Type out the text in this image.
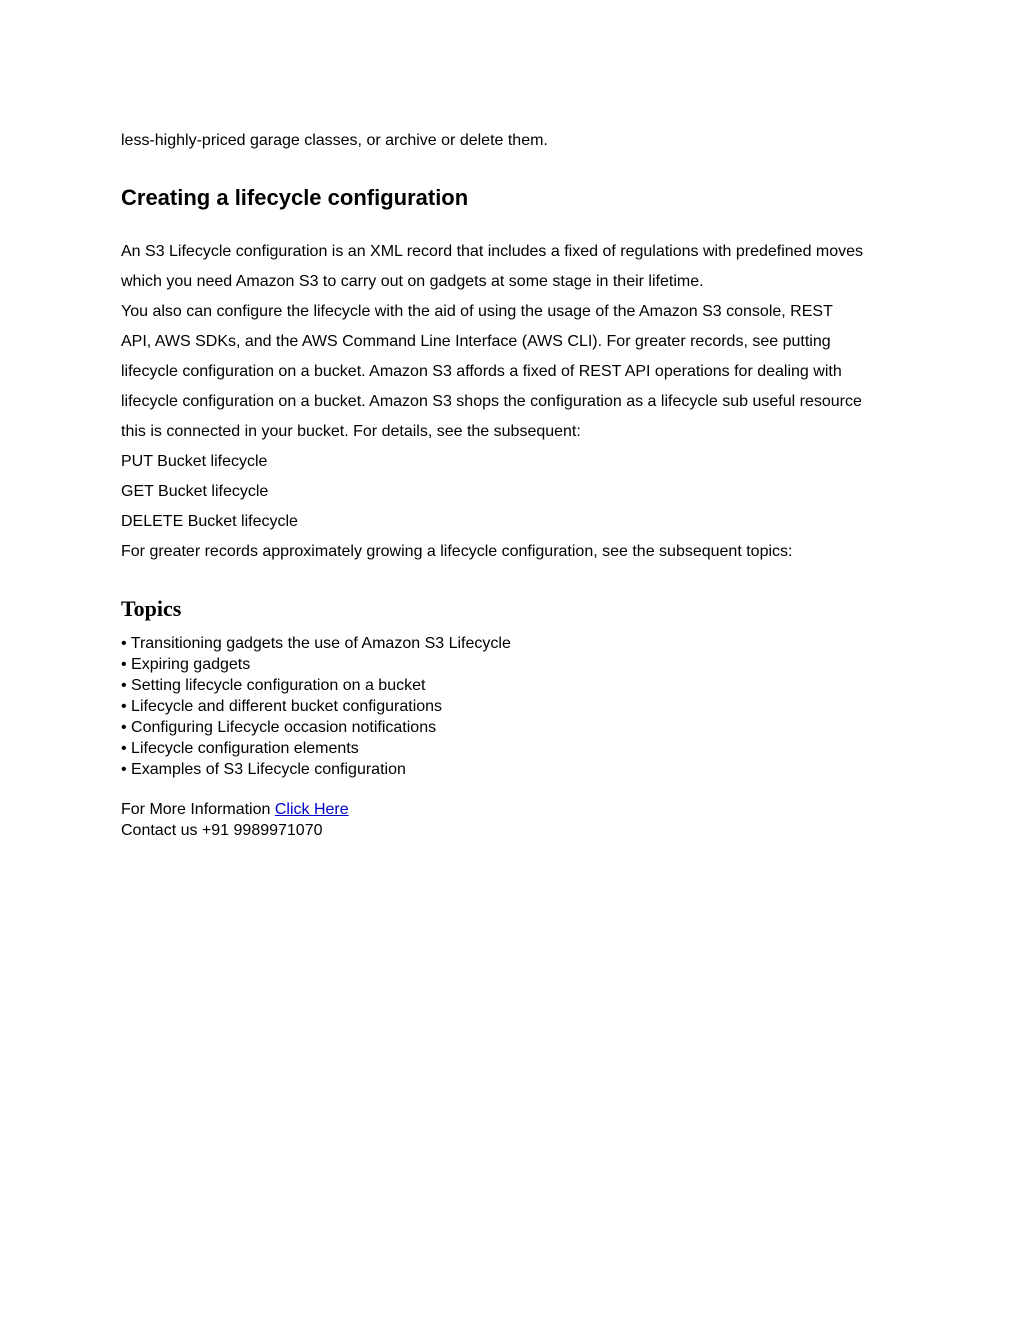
less-highly-priced garage classes, or archive or delete them.
Creating a lifecycle configuration
An S3 Lifecycle configuration is an XML record that includes a fixed of regulations with predefined moves
which you need Amazon S3 to carry out on gadgets at some stage in their lifetime.
You also can configure the lifecycle with the aid of using the usage of the Amazon S3 console, REST
API, AWS SDKs, and the AWS Command Line Interface (AWS CLI). For greater records, see putting
lifecycle configuration on a bucket. Amazon S3 affords a fixed of REST API operations for dealing with
lifecycle configuration on a bucket. Amazon S3 shops the configuration as a lifecycle sub useful resource
this is connected in your bucket. For details, see the subsequent:
PUT Bucket lifecycle
GET Bucket lifecycle
DELETE Bucket lifecycle
For greater records approximately growing a lifecycle configuration, see the subsequent topics:
Topics
• Transitioning gadgets the use of Amazon S3 Lifecycle
• Expiring gadgets
• Setting lifecycle configuration on a bucket
• Lifecycle and different bucket configurations
• Configuring Lifecycle occasion notifications
• Lifecycle configuration elements
• Examples of S3 Lifecycle configuration
For More Information Click Here
Contact us +91 9989971070
